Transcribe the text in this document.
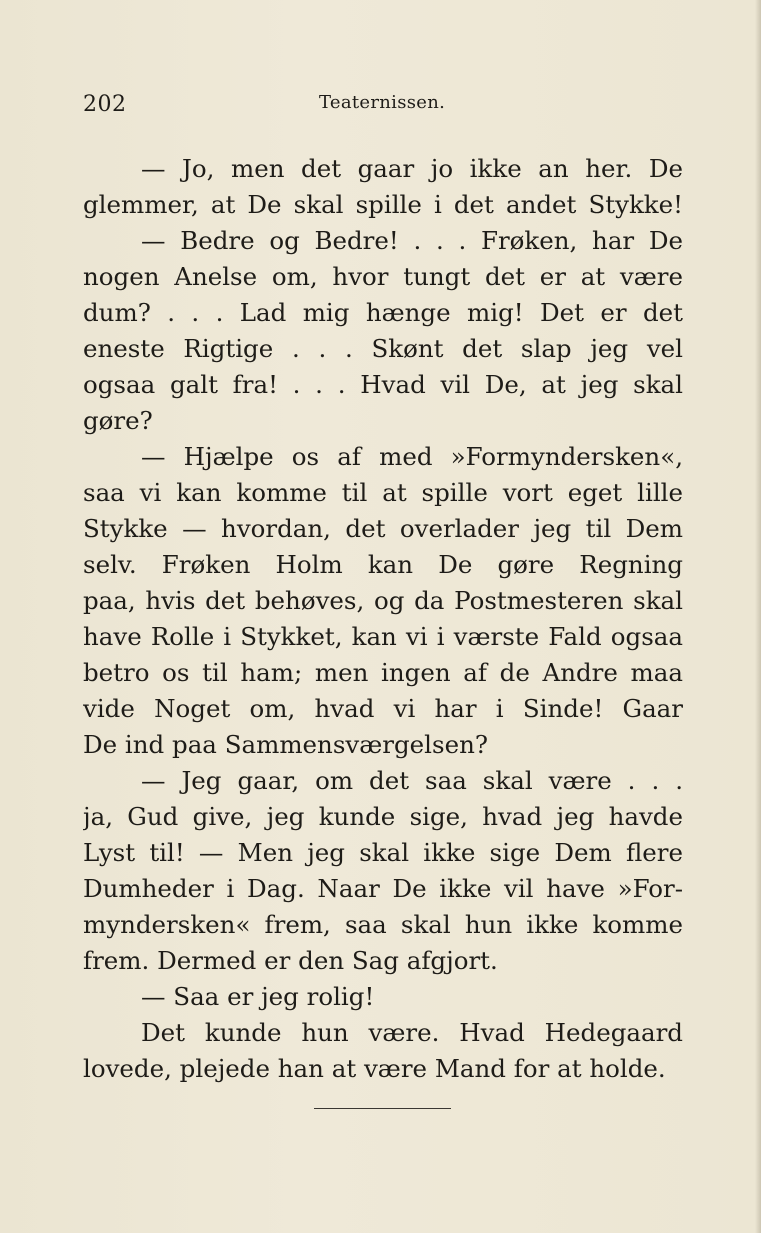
202	Teaternissen.
— Jo, men det gaar jo ikke an her. De
glemmer, at De skal spille i det andet Stykke!
— Bedre og Bedre! . . . Frøken, har De
nogen Anelse om, hvor tungt det er at være
dum? . . . Lad mig hænge mig! Det er det
eneste Rigtige . . . Skønt det slap jeg vel
ogsaa galt fra! . . . Hvad vil De, at jeg skal
gøre?
— Hjælpe os af med »Formyndersken«,
saa vi kan komme til at spille vort eget lille
Stykke — hvordan, det overlader jeg til Dem
selv. Frøken Holm kan De gøre Regning
paa, hvis det behøves, og da Postmesteren skal
have Rolle i Stykket, kan vi i værste Fald ogsaa
betro os til ham; men ingen af de Andre maa
vide Noget om, hvad vi har i Sinde! Gaar
De ind paa Sammensværgelsen?
— Jeg gaar, om det saa skal være . . .
ja, Gud give, jeg kunde sige, hvad jeg havde
Lyst til! — Men jeg skal ikke sige Dem flere
Dumheder i Dag. Naar De ikke vil have »For-
myndersken« frem, saa skal hun ikke komme
frem. Dermed er den Sag afgjort.
— Saa er jeg rolig!
Det kunde hun være. Hvad Hedegaard
lovede, plejede han at være Mand for at holde.
